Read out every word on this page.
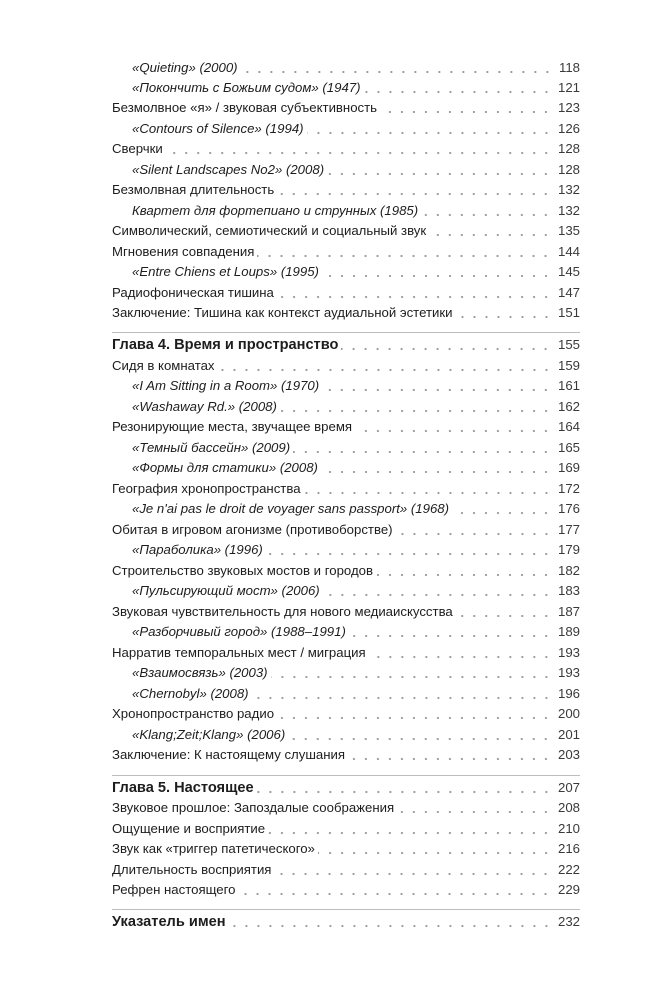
«Quieting» (2000)	118
«Покончить с Божьим судом» (1947)	121
Безмолвное «я» / звуковая субъективность	123
«Contours of Silence» (1994)	126
Сверчки	128
«Silent Landscapes No2» (2008)	128
Безмолвная длительность	132
Квартет для фортепиано и струнных (1985)	132
Символический, семиотический и социальный звук	135
Мгновения совпадения	144
«Entre Chiens et Loups» (1995)	145
Радиофоническая тишина	147
Заключение: Тишина как контекст аудиальной эстетики	151
Глава 4. Время и пространство	155
Сидя в комнатах	159
«I Am Sitting in a Room» (1970)	161
«Washaway Rd.» (2008)	162
Резонирующие места, звучащее время	164
«Темный бассейн» (2009)	165
«Формы для статики» (2008)	169
География хронопространства	172
«Je n'ai pas le droit de voyager sans passport» (1968)	176
Обитая в игровом агонизме (противоборстве)	177
«Параболика» (1996)	179
Строительство звуковых мостов и городов	182
«Пульсирующий мост» (2006)	183
Звуковая чувствительность для нового медиаискусства	187
«Разборчивый город» (1988–1991)	189
Нарратив темпоральных мест / миграция	193
«Взаимосвязь» (2003)	193
«Chernobyl» (2008)	196
Хронопространство радио	200
«Klang;Zeit;Klang» (2006)	201
Заключение: К настоящему слушания	203
Глава 5. Настоящее	207
Звуковое прошлое: Запоздалые соображения	208
Ощущение и восприятие	210
Звук как «триггер патетического»	216
Длительность восприятия	222
Рефрен настоящего	229
Указатель имен	232
